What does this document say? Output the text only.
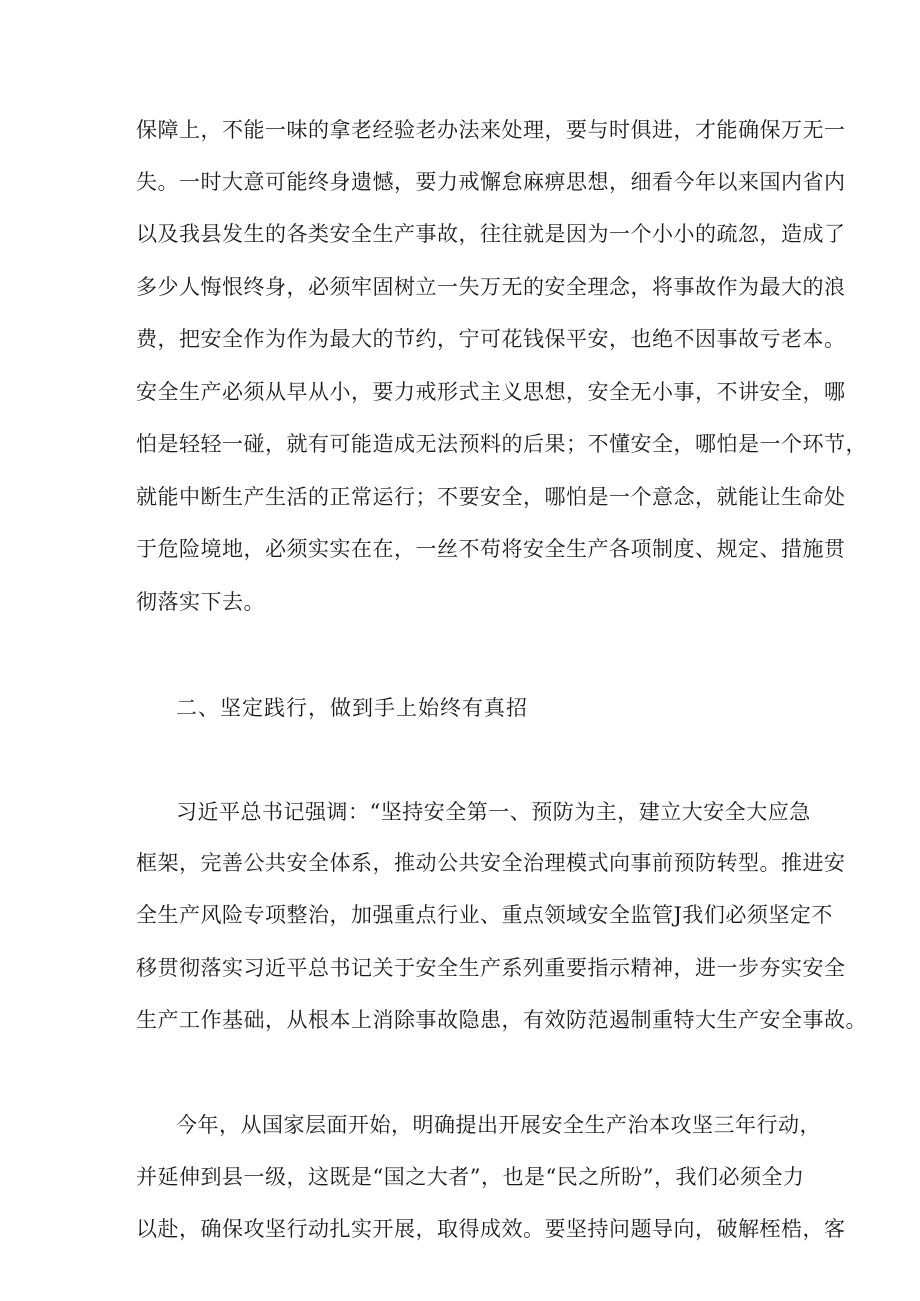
保障上，不能一味的拿老经验老办法来处理，要与时俱进，才能确保万无一
失。一时大意可能终身遗憾，要力戒懈怠麻痹思想，细看今年以来国内省内
以及我县发生的各类安全生产事故，往往就是因为一个小小的疏忽，造成了
多少人悔恨终身，必须牢固树立一失万无的安全理念，将事故作为最大的浪
费，把安全作为作为最大的节约，宁可花钱保平安，也绝不因事故亏老本。
安全生产必须从早从小，要力戒形式主义思想，安全无小事，不讲安全，哪
怕是轻轻一碰，就有可能造成无法预料的后果；不懂安全，哪怕是一个环节，
就能中断生产生活的正常运行；不要安全，哪怕是一个意念，就能让生命处
于危险境地，必须实实在在，一丝不苟将安全生产各项制度、规定、措施贯
彻落实下去。
二、坚定践行，做到手上始终有真招
习近平总书记强调：“坚持安全第一、预防为主，建立大安全大应急
框架，完善公共安全体系，推动公共安全治理模式向事前预防转型。推进安
全生产风险专项整治，加强重点行业、重点领域安全监管J我们必须坚定不
移贯彻落实习近平总书记关于安全生产系列重要指示精神，进一步夯实安全
生产工作基础，从根本上消除事故隐患，有效防范遏制重特大生产安全事故。
今年，从国家层面开始，明确提出开展安全生产治本攻坚三年行动，
并延伸到县一级，这既是“国之大者”，也是“民之所盼”，我们必须全力
以赴，确保攻坚行动扎实开展，取得成效。要坚持问题导向，破解桎梏，客
